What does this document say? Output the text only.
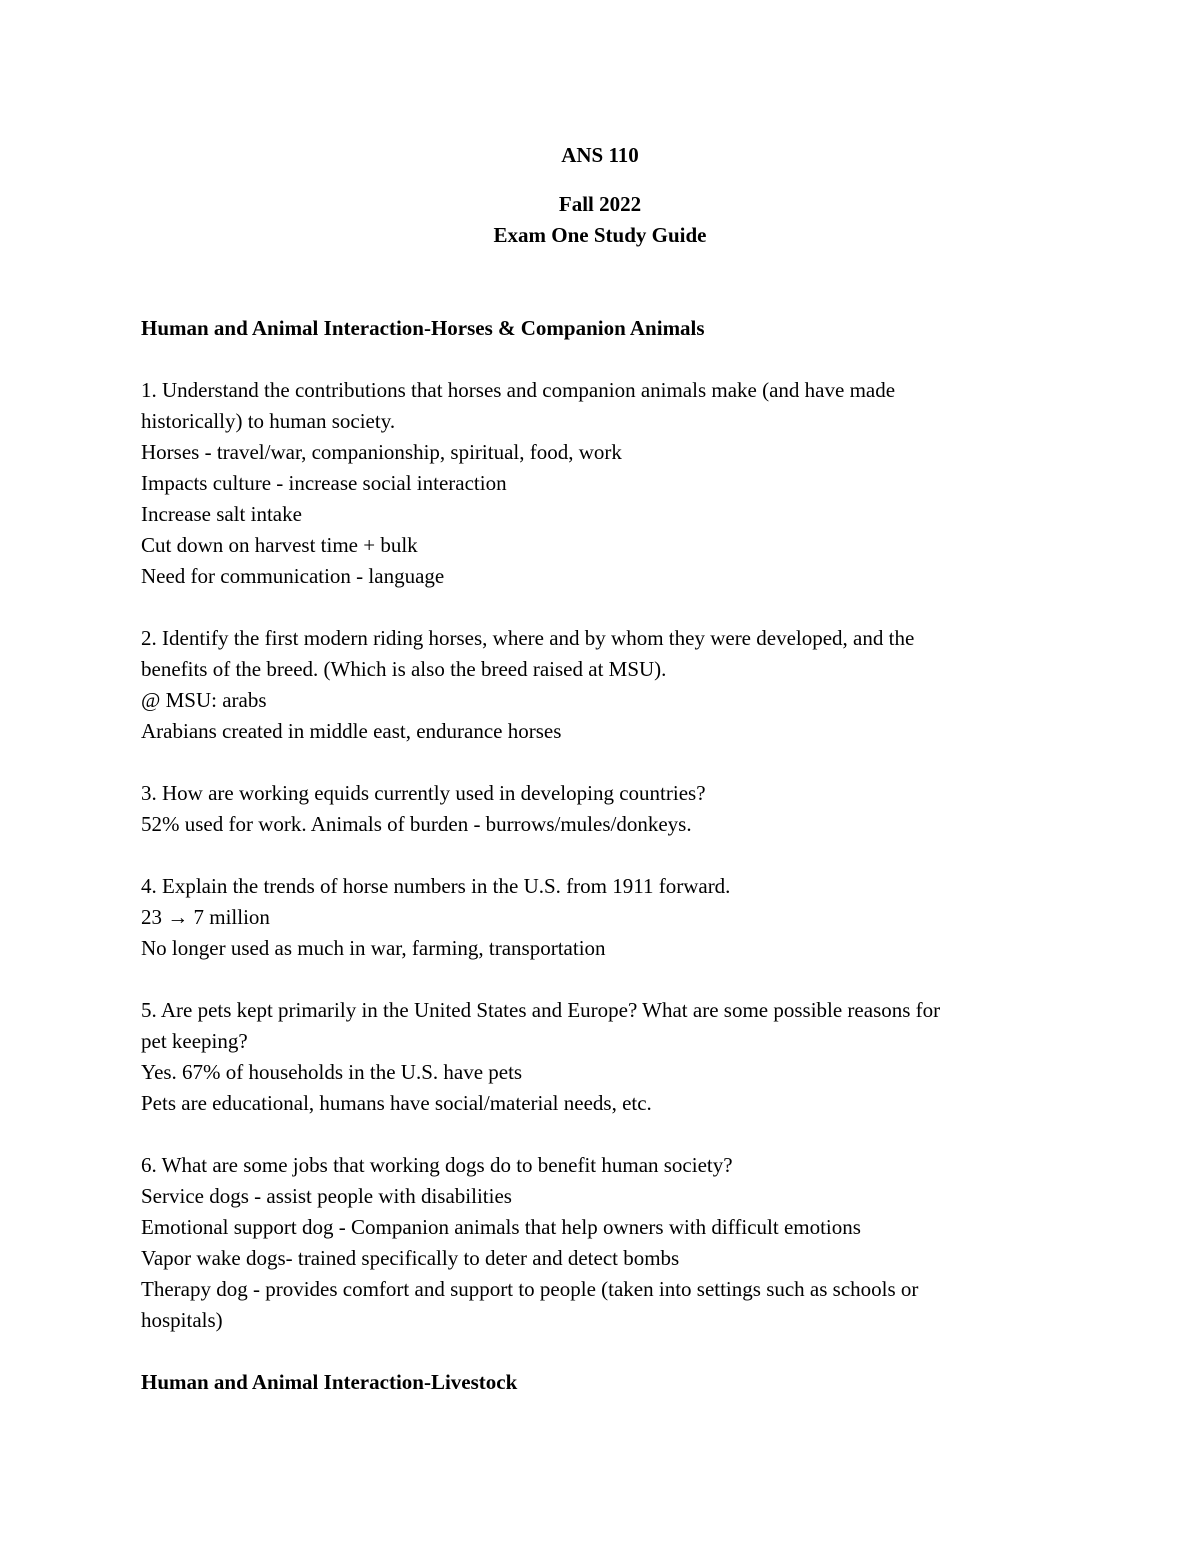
ANS 110
Fall 2022
Exam One Study Guide
Human and Animal Interaction-Horses & Companion Animals
1. Understand the contributions that horses and companion animals make (and have made
historically) to human society.
Horses - travel/war, companionship, spiritual, food, work
Impacts culture - increase social interaction
Increase salt intake
Cut down on harvest time + bulk
Need for communication - language
2. Identify the first modern riding horses, where and by whom they were developed, and the
benefits of the breed. (Which is also the breed raised at MSU).
@ MSU: arabs
Arabians created in middle east, endurance horses
3. How are working equids currently used in developing countries?
52% used for work. Animals of burden - burrows/mules/donkeys.
4. Explain the trends of horse numbers in the U.S. from 1911 forward.
23 → 7 million
No longer used as much in war, farming, transportation
5. Are pets kept primarily in the United States and Europe? What are some possible reasons for
pet keeping?
Yes. 67% of households in the U.S. have pets
Pets are educational, humans have social/material needs, etc.
6. What are some jobs that working dogs do to benefit human society?
Service dogs - assist people with disabilities
Emotional support dog - Companion animals that help owners with difficult emotions
Vapor wake dogs- trained specifically to deter and detect bombs
Therapy dog - provides comfort and support to people (taken into settings such as schools or
hospitals)
Human and Animal Interaction-Livestock
